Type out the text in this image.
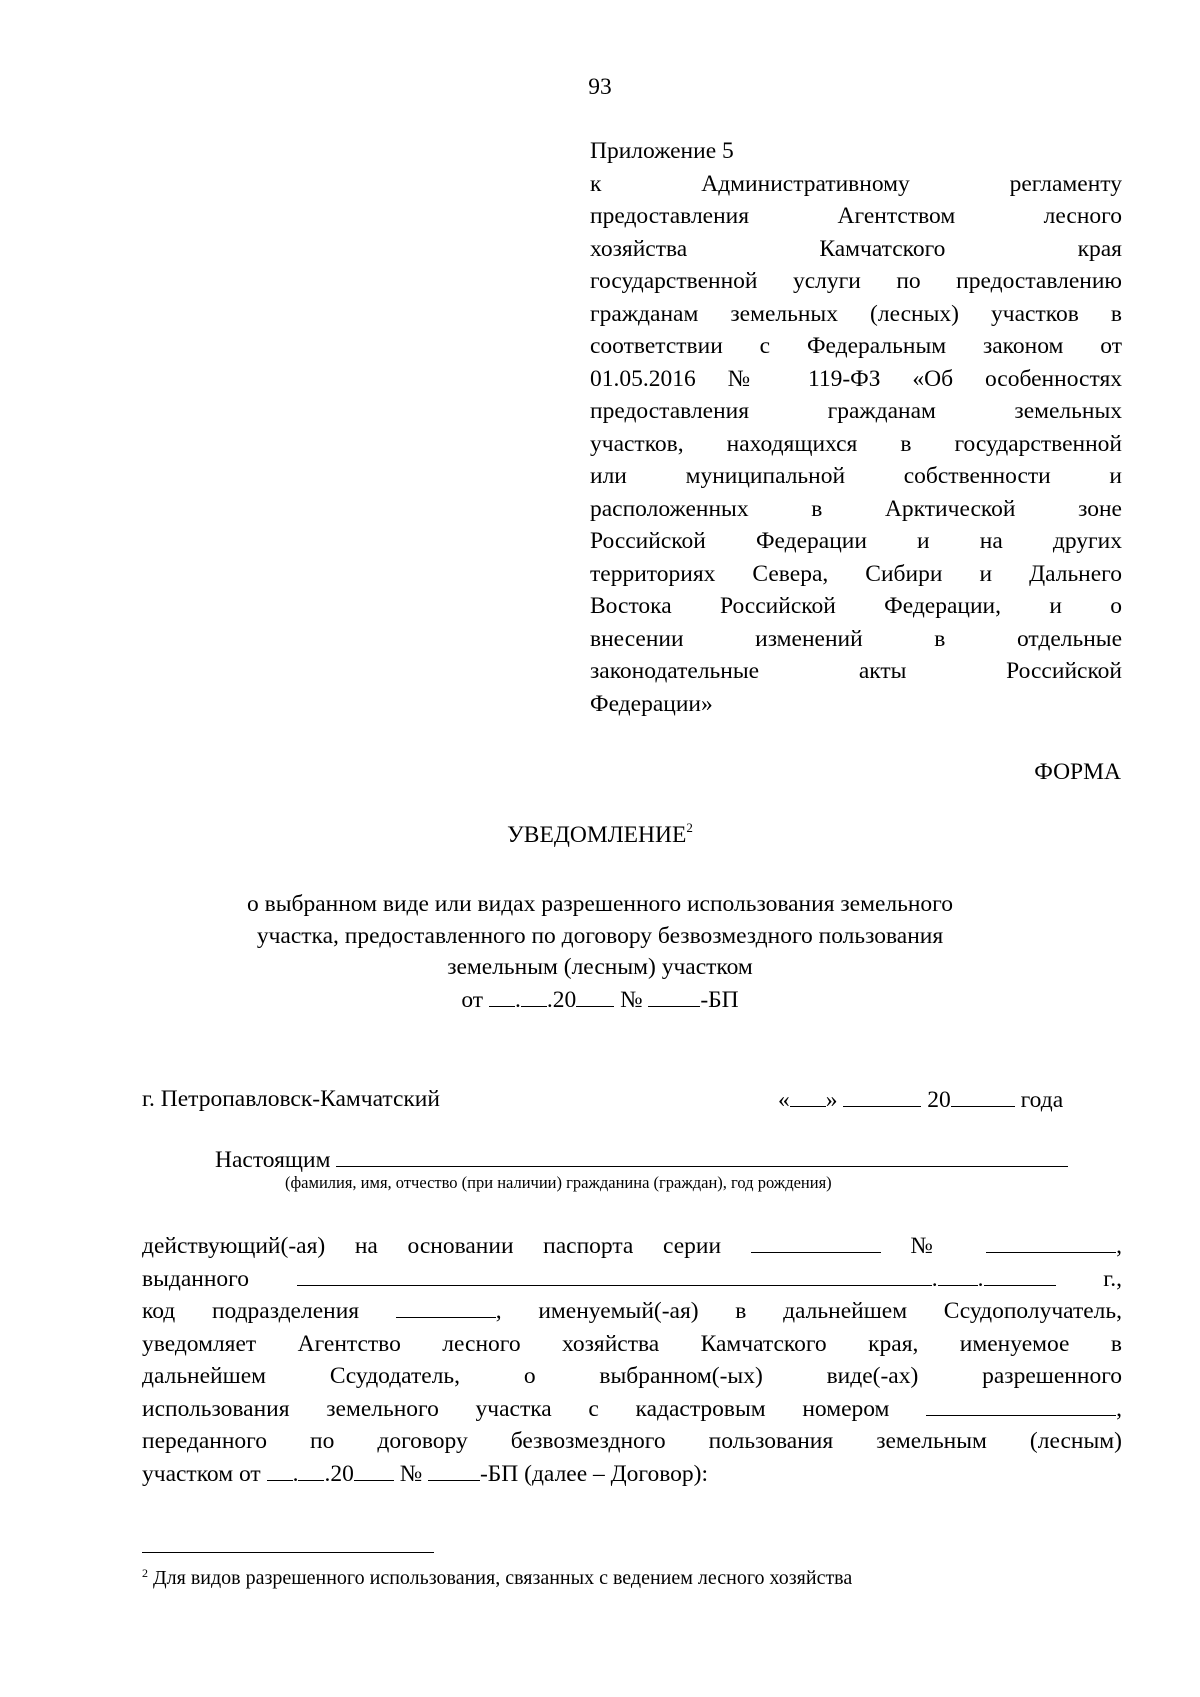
93
Приложение 5
к Административному регламенту
предоставления Агентством лесного
хозяйства Камчатского края
государственной услуги по предоставлению
гражданам земельных (лесных) участков в
соответствии с Федеральным законом от
01.05.2016 № 119-ФЗ «Об особенностях
предоставления гражданам земельных
участков, находящихся в государственной
или муниципальной собственности и
расположенных в Арктической зоне
Российской Федерации и на других
территориях Севера, Сибири и Дальнего
Востока Российской Федерации, и о
внесении изменений в отдельные
законодательные акты Российской
Федерации»
ФОРМА
УВЕДОМЛЕНИЕ$^2$
о выбранном виде или видах разрешенного использования земельного
участка, предоставленного по договору безвозмездного пользования
земельным (лесным) участком
от . .20 № -БП
г. Петропавловск-Камчатский	« »	20	года
Настоящим
(фамилия, имя, отчество (при наличии) гражданина (граждан), год рождения)
действующий(-ая) на основании паспорта серии	№	,
выданного	. .	г.,
код подразделения	, именуемый(-ая) в дальнейшем Ссудополучатель,
уведомляет Агентство лесного хозяйства Камчатского края, именуемое в
дальнейшем Ссудодатель, о выбранном(-ых) виде(-ах) разрешенного
использования земельного участка с кадастровым номером	,
переданного по договору безвозмездного пользования земельным (лесным)
участком от . .20 № -БП (далее – Договор):
$^2$ Для видов разрешенного использования, связанных с ведением лесного хозяйства
